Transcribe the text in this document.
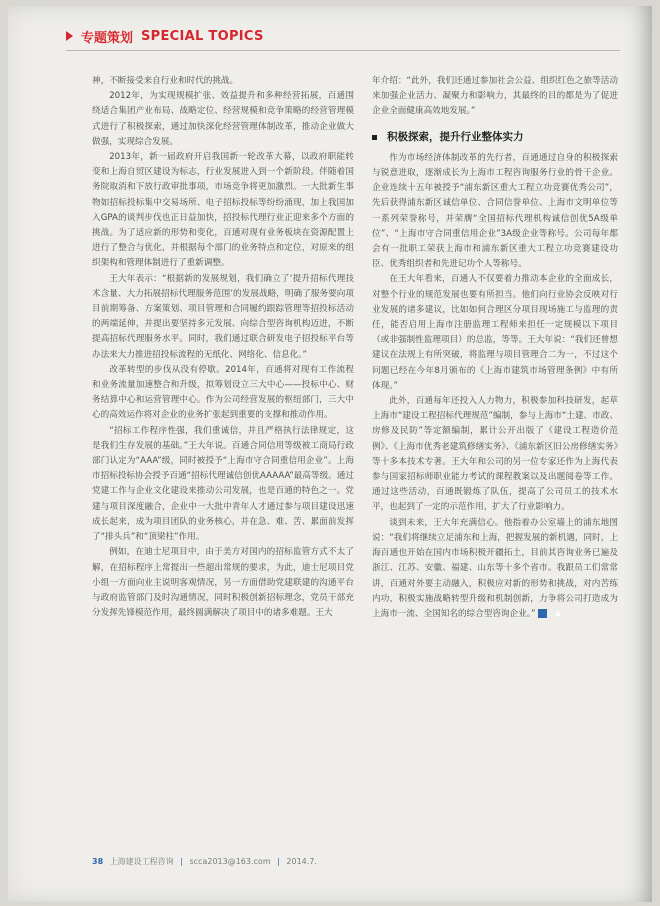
专题策划 SPECIAL TOPICS

神，不断接受来自行业和时代的挑战。

2012年，为实现规模扩张、效益提升和多种经营拓展，百通围绕适合集团产业布局、战略定位、经营规模和竞争策略的经营管理模式进行了积极探索，通过加快深化经营管理体制改革，推动企业做大做强，实现综合发展。

2013年，新一届政府开启我国新一轮改革大幕，以政府职能转变和上海自贸区建设为标志，行业发展进入到一个新阶段。伴随着国务院取消和下放行政审批事项，市场竞争将更加激烈。一大批新生事物如招标投标集中交易场所、电子招标投标等纷纷涌现，加上我国加入GPA的谈判步伐也正日益加快，招投标代理行业正迎来多个方面的挑战。为了适应新的形势和变化，百通对现有业务板块在资源配置上进行了整合与优化，并根据每个部门的业务特点和定位，对原来的组织架构和管理体制进行了重新调整。

王大年表示：“根据新的发展规划，我们确立了‘提升招标代理技术含量、大力拓展招标代理服务范围’的发展战略，明确了服务要向项目前期筹备、方案策划、项目管理和合同履约跟踪管理等招投标活动的两端延伸，并提出要坚持多元发展、向综合型咨询机构迈进，不断提高招标代理服务水平。同时，我们通过联合研发电子招投标平台等办法来大力推进招投标流程的无纸化、网络化、信息化。”

改革转型的步伐从没有停歇。2014年，百通将对现有工作流程和业务流量加速整合和升级，拟筹划设立三大中心——投标中心、财务结算中心和运营管理中心。作为公司经营发展的枢纽部门，三大中心的高效运作将对企业的业务扩张起到重要的支撑和推动作用。

“招标工作程序性强，我们重诚信，并且严格执行法律规定，这是我们生存发展的基础。”王大年说。百通合同信用等级被工商局行政部门认定为“AAA”级，同时被授予“上海市守合同重信用企业”。上海市招标投标协会授予百通“招标代理诚信创优AAAAA”最高等级。通过党建工作与企业文化建设来推动公司发展，也是百通的特色之一。党建与项目深度融合，企业中一大批中青年人才通过参与项目建设迅速成长起来，成为项目团队的业务核心，并在急、难、苦、累面前发挥了“排头兵”和“顶梁柱”作用。

例如，在迪士尼项目中，由于美方对国内的招标监管方式不太了解，在招标程序上常提出一些超出常规的要求，为此，迪士尼项目党小组一方面向业主说明客观情况，另一方面借助党建联建的沟通平台与政府监管部门及时沟通情况，同时积极创新招标理念，党员干部充分发挥先锋模范作用，最终圆满解决了项目中的诸多难题。王大

年介绍：“此外，我们还通过参加社会公益、组织红色之旅等活动来加强企业活力、凝聚力和影响力，其最终的目的都是为了促进企业全面健康高效地发展。”

积极探索，提升行业整体实力

作为市场经济体制改革的先行者，百通通过自身的积极探索与锐意进取，逐渐成长为上海市工程咨询服务行业的骨干企业。企业连续十五年被授予“浦东新区重大工程立功竞赛优秀公司”，先后获得浦东新区诚信单位、合同信誉单位、上海市文明单位等一系列荣誉称号，并荣膺“全国招标代理机构诚信创优5A级单位”、“上海市守合同重信用企业”3A级企业等称号。公司每年都会有一批职工荣获上海市和浦东新区重大工程立功竞赛建设功臣、优秀组织者和先进记功个人等称号。

在王大年看来，百通人不仅要着力推动本企业的全面成长，对整个行业的规范发展也要有所担当。他们向行业协会反映对行业发展的诸多建议，比如如何合理区分项目现场施工与监理的责任，能否启用上海市注册监理工程师来担任一定规模以下项目（或非强制性监理项目）的总监，等等。王大年说：“我们还曾想建议在法规上有所突破，将监理与项目管理合二为一，不过这个问题已经在今年8月颁布的《上海市建筑市场管理条例》中有所体现。”

此外，百通每年还投入人力物力，积极参加科技研发，起草上海市“建设工程招标代理规范”编制，参与上海市“土建、市政、房修及民防”等定额编制，累计公开出版了《建设工程造价范例》、《上海市优秀老建筑修缮实务》、《浦东新区旧公房修缮实务》等十多本技术专著。王大年和公司的另一位专家还作为上海代表参与国家招标师职业能力考试的课程教案以及出题阅卷等工作。通过这些活动，百通既锻炼了队伍，提高了公司员工的技术水平，也起到了一定的示范作用，扩大了行业影响力。

谈到未来，王大年充满信心。他指着办公室墙上的浦东地图说：“我们将继续立足浦东和上海，把握发展的新机遇，同时，上海百通也开始在国内市场积极开疆拓土，目前其咨询业务已遍及浙江、江苏、安徽、福建、山东等十多个省市。我跟员工们常常讲，百通对外要主动融入，积极应对新的形势和挑战，对内苦练内功，积极实施战略转型升级和机制创新，力争将公司打造成为上海市一流、全国知名的综合型咨询企业。”	▲

38 上海建设工程咨询 | scca2013@163.com | 2014.7.
